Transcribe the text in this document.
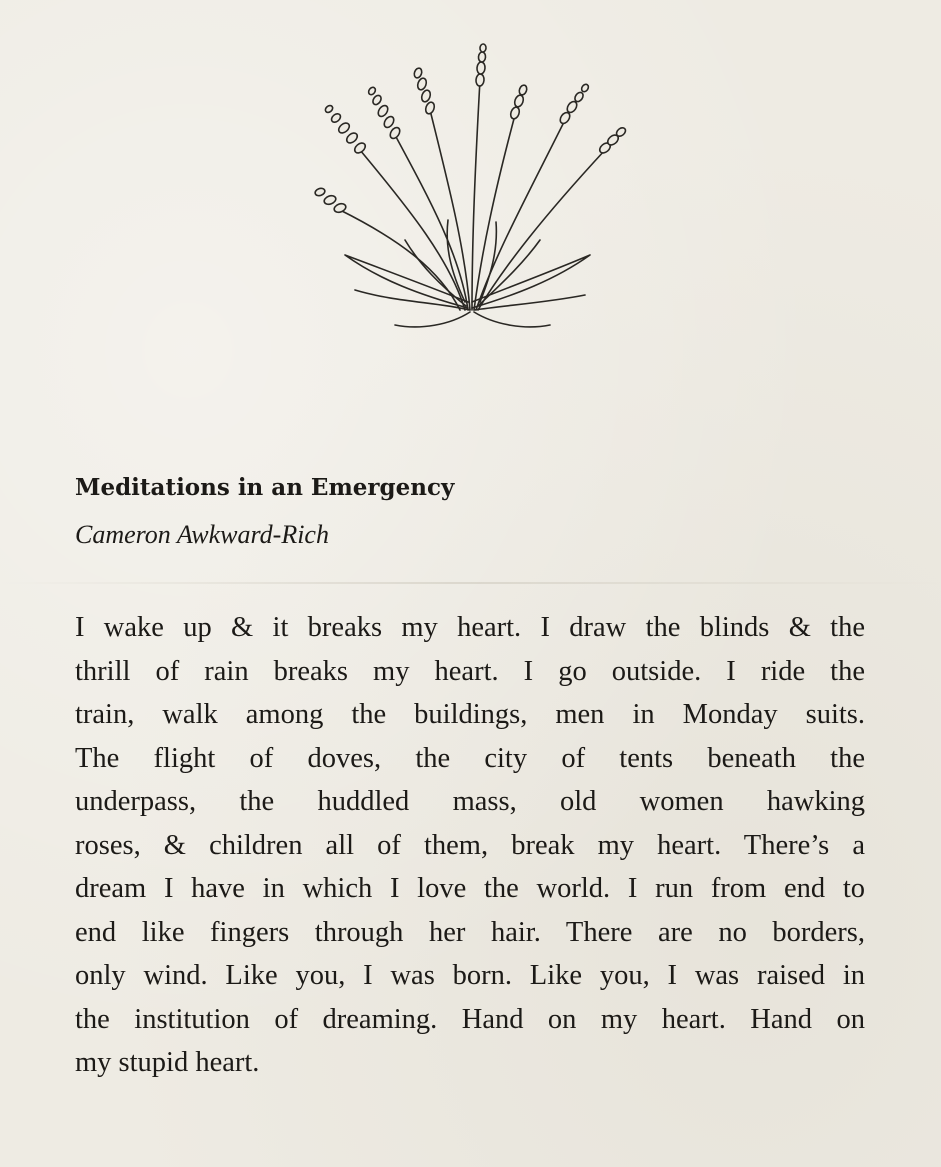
Meditations in an Emergency
Cameron Awkward-Rich
I wake up & it breaks my heart. I draw the blinds & the
thrill of rain breaks my heart. I go outside. I ride the
train, walk among the buildings, men in Monday suits.
The flight of doves, the city of tents beneath the
underpass, the huddled mass, old women hawking
roses, & children all of them, break my heart. There’s a
dream I have in which I love the world. I run from end to
end like fingers through her hair. There are no borders,
only wind. Like you, I was born. Like you, I was raised in
the institution of dreaming. Hand on my heart. Hand on
my stupid heart.
